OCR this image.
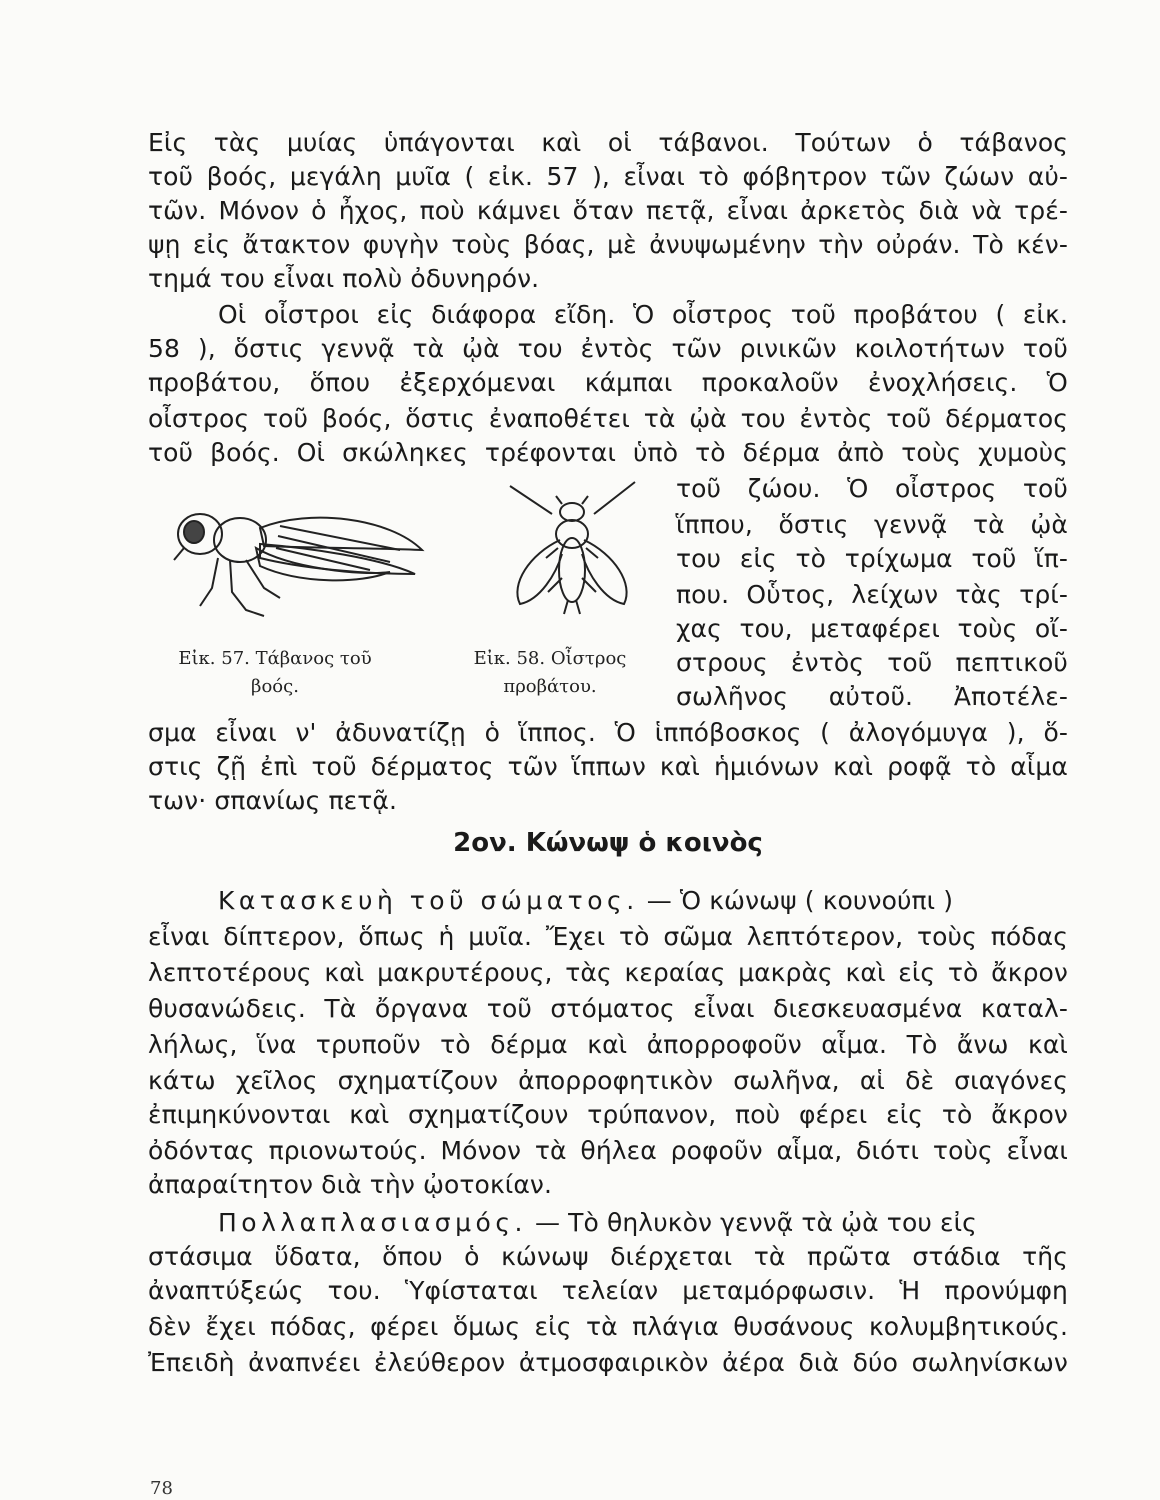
Εἰς τὰς μυίας ὑπάγονται καὶ οἱ τάβανοι. Τούτων ὁ τάβανος
τοῦ βοός, μεγάλη μυῖα ( εἰκ. 57 ), εἶναι τὸ φόβητρον τῶν ζώων αὐ-
τῶν. Μόνον ὁ ἦχος, ποὺ κάμνει ὅταν πετᾷ, εἶναι ἀρκετὸς διὰ νὰ τρέ-
ψῃ εἰς ἄτακτον φυγὴν τοὺς βόας, μὲ ἀνυψωμένην τὴν οὐράν. Τὸ κέν-
τημά του εἶναι πολὺ ὀδυνηρόν.
Οἱ οἶστροι εἰς διάφορα εἴδη. Ὁ οἶστρος τοῦ προβάτου ( εἰκ.
58 ), ὅστις γεννᾷ τὰ ᾠὰ του ἐντὸς τῶν ρινικῶν κοιλοτήτων τοῦ
προβάτου, ὅπου ἐξερχόμεναι κάμπαι προκαλοῦν ἐνοχλήσεις. Ὁ
οἶστρος τοῦ βοός, ὅστις ἐναποθέτει τὰ ᾠὰ του ἐντὸς τοῦ δέρματος
τοῦ βοός. Οἱ σκώληκες τρέφονται ὑπὸ τὸ δέρμα ἀπὸ τοὺς χυμοὺς
τοῦ ζώου. Ὁ οἶστρος τοῦ
ἵππου, ὅστις γεννᾷ τὰ ᾠὰ
του εἰς τὸ τρίχωμα τοῦ ἵπ-
που. Οὗτος, λείχων τὰς τρί-
χας του, μεταφέρει τοὺς οἴ-
στρους ἐντὸς τοῦ πεπτικοῦ
σωλῆνος αὐτοῦ. Ἀποτέλε-
Εἰκ. 57. Τάβανος τοῦ
βοός.
Εἰκ. 58. Οἶστρος
προβάτου.
σμα εἶναι ν' ἀδυνατίζῃ ὁ ἵππος. Ὁ ἱππόβοσκος ( ἀλογόμυγα ), ὅ-
στις ζῇ ἐπὶ τοῦ δέρματος τῶν ἵππων καὶ ἡμιόνων καὶ ροφᾷ τὸ αἷμα
των· σπανίως πετᾷ.
2ον. Κώνωψ ὁ κοινὸς
Κατασκευὴ τοῦ σώματος. — Ὁ κώνωψ ( κουνούπι )
εἶναι δίπτερον, ὅπως ἡ μυῖα. Ἔχει τὸ σῶμα λεπτότερον, τοὺς πόδας
λεπτοτέρους καὶ μακρυτέρους, τὰς κεραίας μακρὰς καὶ εἰς τὸ ἄκρον
θυσανώδεις. Τὰ ὄργανα τοῦ στόματος εἶναι διεσκευασμένα καταλ-
λήλως, ἵνα τρυποῦν τὸ δέρμα καὶ ἀπορροφοῦν αἷμα. Τὸ ἄνω καὶ
κάτω χεῖλος σχηματίζουν ἀπορροφητικὸν σωλῆνα, αἱ δὲ σιαγόνες
ἐπιμηκύνονται καὶ σχηματίζουν τρύπανον, ποὺ φέρει εἰς τὸ ἄκρον
ὀδόντας πριονωτούς. Μόνον τὰ θήλεα ροφοῦν αἷμα, διότι τοὺς εἶναι
ἀπαραίτητον διὰ τὴν ᾠοτοκίαν.
Πολλαπλασιασμός. — Τὸ θηλυκὸν γεννᾷ τὰ ᾠὰ του εἰς
στάσιμα ὕδατα, ὅπου ὁ κώνωψ διέρχεται τὰ πρῶτα στάδια τῆς
ἀναπτύξεώς του. Ὑφίσταται τελείαν μεταμόρφωσιν. Ἡ προνύμφη
δὲν ἔχει πόδας, φέρει ὅμως εἰς τὰ πλάγια θυσάνους κολυμβητικούς.
Ἐπειδὴ ἀναπνέει ἐλεύθερον ἀτμοσφαιρικὸν ἀέρα διὰ δύο σωληνίσκων
78
